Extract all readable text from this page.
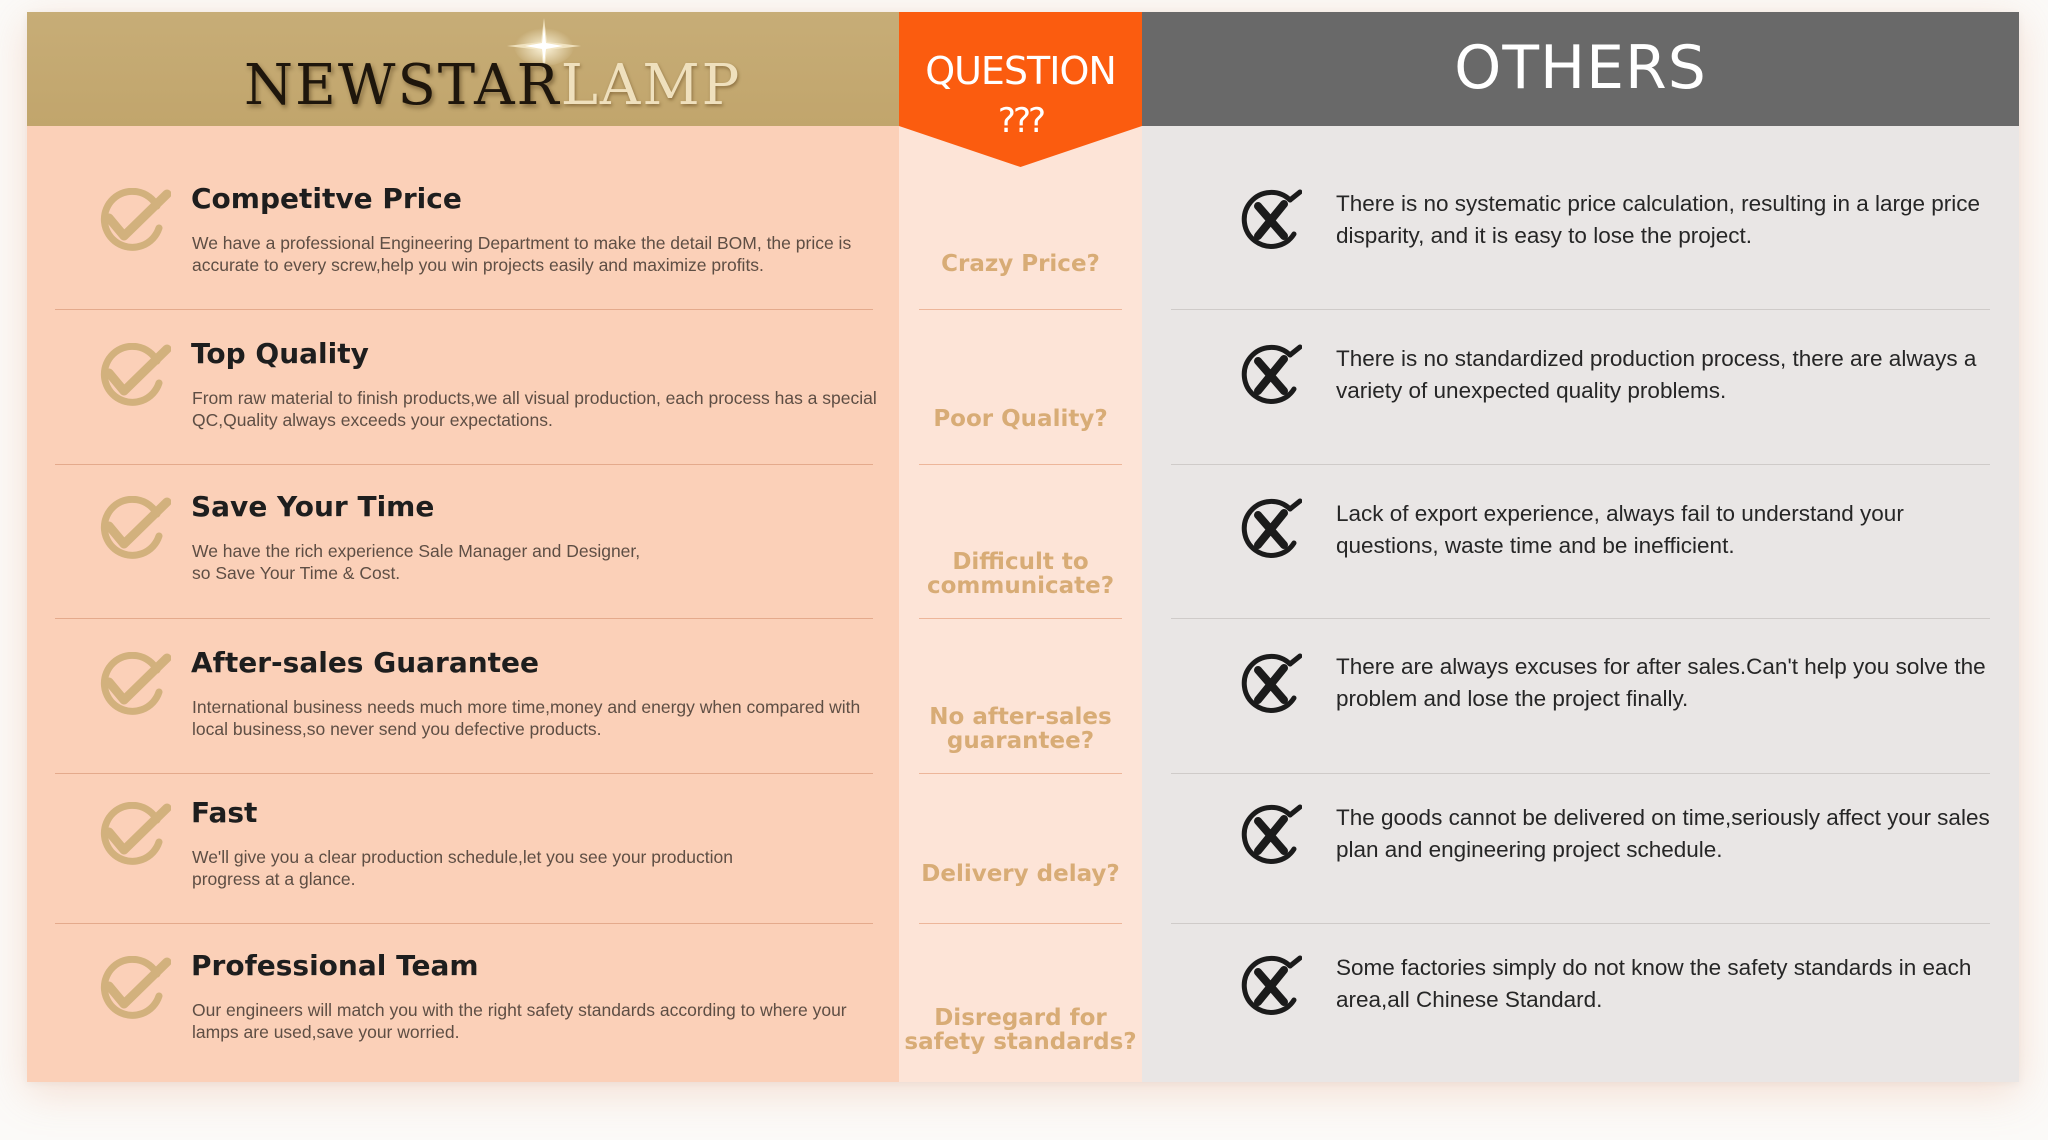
NEWSTARLAMP
Competitve Price
We have a professional Engineering Department to make the detail BOM, the price is accurate to every screw,help you win projects easily and maximize profits.
Top Quality
From raw material to finish products,we all visual production, each process has a special QC,Quality always exceeds your expectations.
Save Your Time
We have the rich experience Sale Manager and Designer,
so Save Your Time & Cost.
After-sales Guarantee
International business needs much more time,money and energy when compared with local business,so never send you defective products.
Fast
We'll give you a clear production schedule,let you see your production
progress at a glance.
Professional Team
Our engineers will match you with the right safety standards according to where your lamps are used,save your worried.
QUESTION
???
Crazy Price?
Poor Quality?
Difficult to communicate?
No after-sales guarantee?
Delivery delay?
Disregard for safety standards?
OTHERS
There is no systematic price calculation, resulting in a large price disparity, and it is easy to lose the project.
There is no standardized production process, there are always a variety of unexpected quality problems.
Lack of export experience, always fail to understand your questions, waste time and be inefficient.
There are always excuses for after sales.Can't help you solve the problem and lose the project finally.
The goods cannot be delivered on time,seriously affect your sales plan and engineering project schedule.
Some factories simply do not know the safety standards in each area,all Chinese Standard.
